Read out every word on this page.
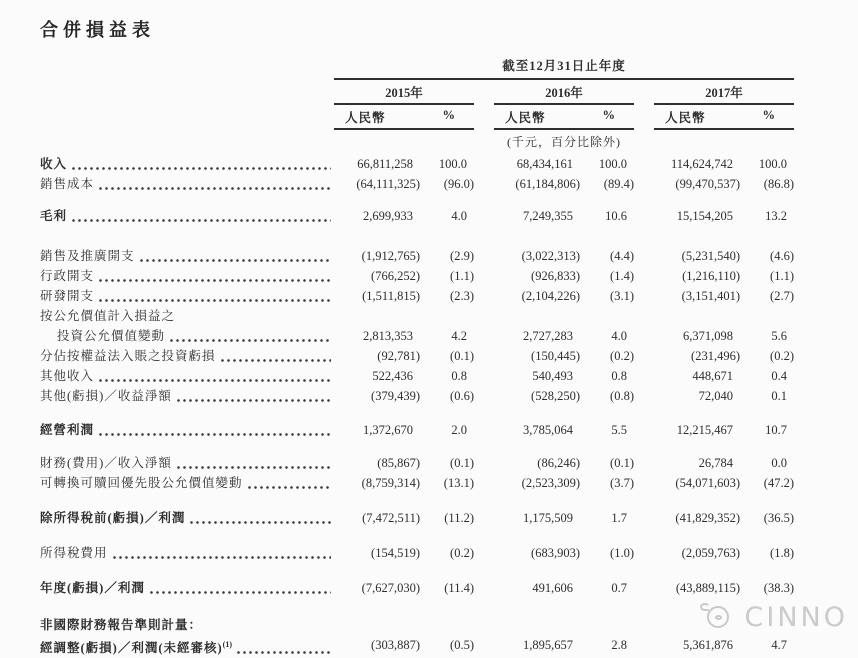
合併損益表
截至12月31日止年度
2015年	2016年	2017年
人民幣	%	人民幣	%	人民幣	%
(千元，百分比除外)
收入	66,811,258	100.0	68,434,161	100.0	114,624,742	100.0
銷售成本	(64,111,325)	(96.0)	(61,184,806)	(89.4)	(99,470,537)	(86.8)
毛利	2,699,933	4.0	7,249,355	10.6	15,154,205	13.2
銷售及推廣開支	(1,912,765)	(2.9)	(3,022,313)	(4.4)	(5,231,540)	(4.6)
行政開支	(766,252)	(1.1)	(926,833)	(1.4)	(1,216,110)	(1.1)
研發開支	(1,511,815)	(2.3)	(2,104,226)	(3.1)	(3,151,401)	(2.7)
按公允價值計入損益之
投資公允價值變動	2,813,353	4.2	2,727,283	4.0	6,371,098	5.6
分佔按權益法入賬之投資虧損	(92,781)	(0.1)	(150,445)	(0.2)	(231,496)	(0.2)
其他收入	522,436	0.8	540,493	0.8	448,671	0.4
其他(虧損)／收益淨額	(379,439)	(0.6)	(528,250)	(0.8)	72,040	0.1
經營利潤	1,372,670	2.0	3,785,064	5.5	12,215,467	10.7
財務(費用)／收入淨額	(85,867)	(0.1)	(86,246)	(0.1)	26,784	0.0
可轉換可贖回優先股公允價值變動	(8,759,314)	(13.1)	(2,523,309)	(3.7)	(54,071,603)	(47.2)
除所得稅前(虧損)／利潤	(7,472,511)	(11.2)	1,175,509	1.7	(41,829,352)	(36.5)
所得稅費用	(154,519)	(0.2)	(683,903)	(1.0)	(2,059,763)	(1.8)
年度(虧損)／利潤	(7,627,030)	(11.4)	491,606	0.7	(43,889,115)	(38.3)
非國際財務報告準則計量：
經調整(虧損)／利潤(未經審核)$^{(1)}$	(303,887)	(0.5)	1,895,657	2.8	5,361,876	4.7
CINNO
